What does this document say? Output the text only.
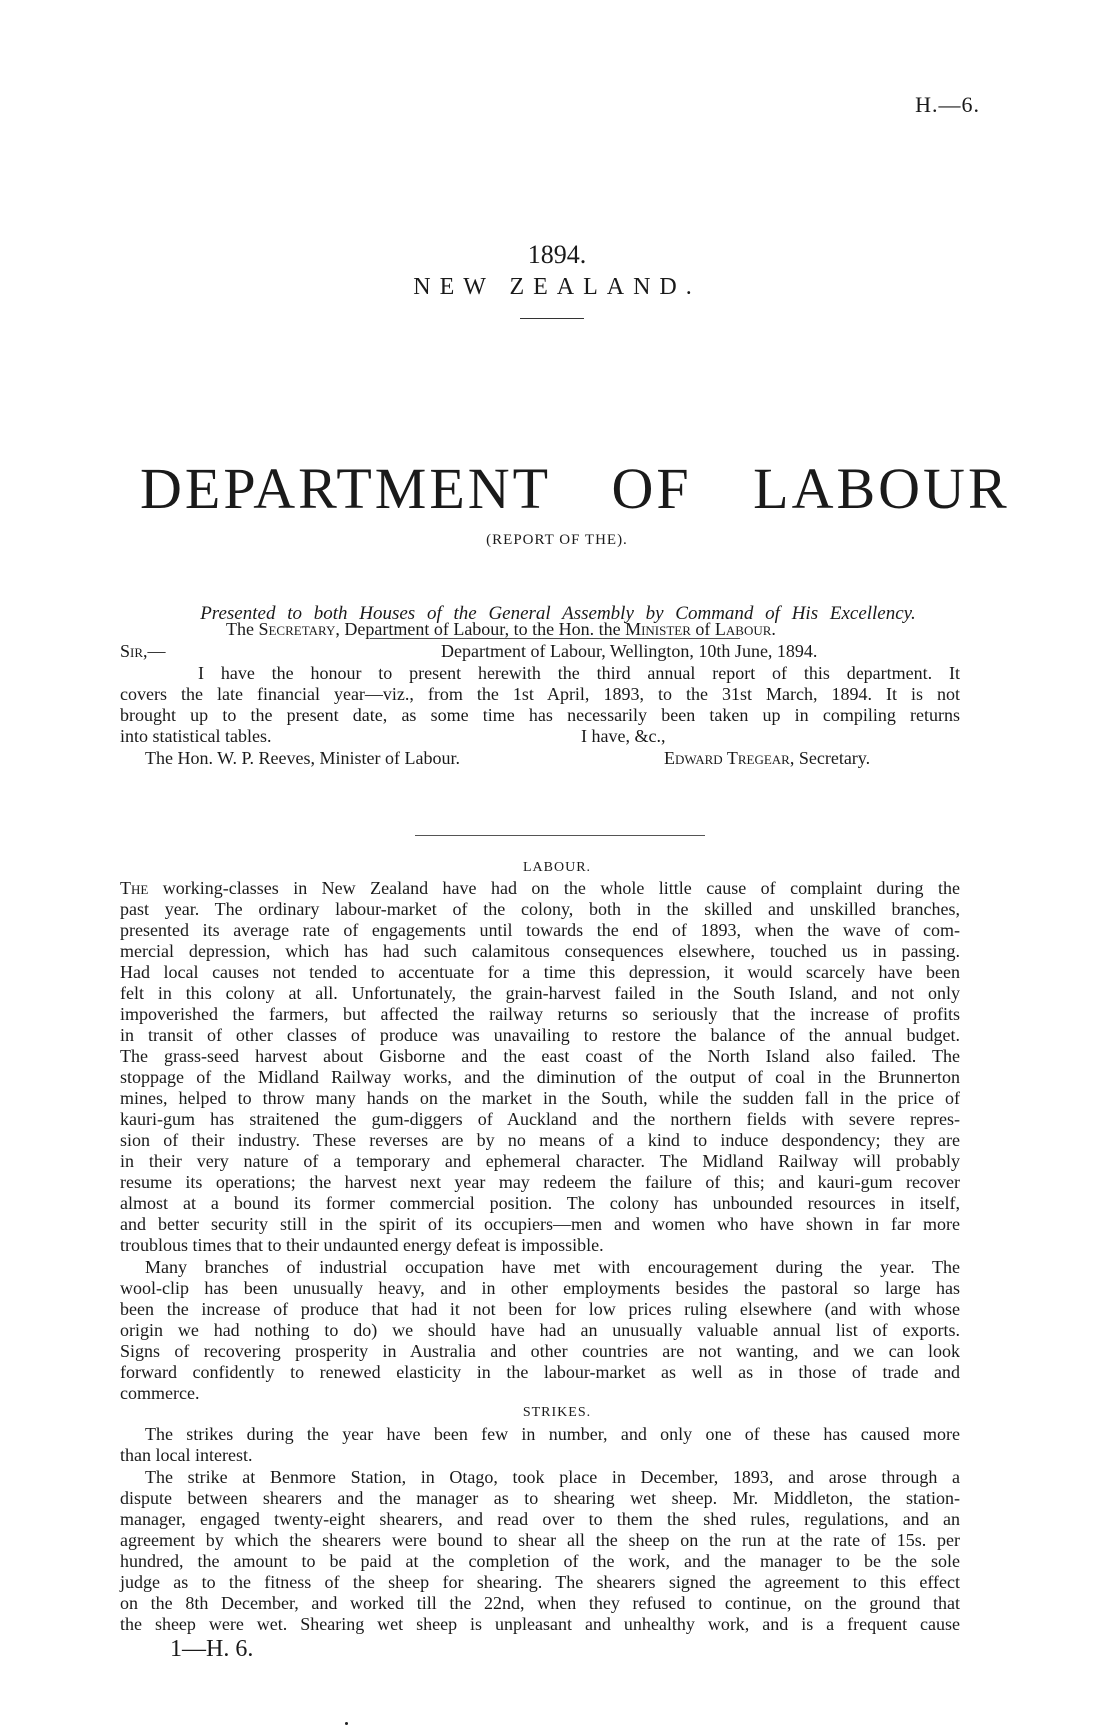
H.—6.
1894.
NEW ZEALAND.
DEPARTMENT OF LABOUR
(REPORT OF THE).
Presented to both Houses of the General Assembly by Command of His Excellency.
The Secretary, Department of Labour, to the Hon. the Minister of Labour.
Sir,—	Department of Labour, Wellington, 10th June, 1894.
I have the honour to present herewith the third annual report of this department. It
covers the late financial year—viz., from the 1st April, 1893, to the 31st March, 1894. It is not
brought up to the present date, as some time has necessarily been taken up in compiling returns
into statistical tables.	I have, &c.,
The Hon. W. P. Reeves, Minister of Labour.	Edward Tregear, Secretary.
LABOUR.
The working-classes in New Zealand have had on the whole little cause of complaint during the
past year. The ordinary labour-market of the colony, both in the skilled and unskilled branches,
presented its average rate of engagements until towards the end of 1893, when the wave of com-
mercial depression, which has had such calamitous consequences elsewhere, touched us in passing.
Had local causes not tended to accentuate for a time this depression, it would scarcely have been
felt in this colony at all. Unfortunately, the grain-harvest failed in the South Island, and not only
impoverished the farmers, but affected the railway returns so seriously that the increase of profits
in transit of other classes of produce was unavailing to restore the balance of the annual budget.
The grass-seed harvest about Gisborne and the east coast of the North Island also failed. The
stoppage of the Midland Railway works, and the diminution of the output of coal in the Brunnerton
mines, helped to throw many hands on the market in the South, while the sudden fall in the price of
kauri-gum has straitened the gum-diggers of Auckland and the northern fields with severe repres-
sion of their industry. These reverses are by no means of a kind to induce despondency; they are
in their very nature of a temporary and ephemeral character. The Midland Railway will probably
resume its operations; the harvest next year may redeem the failure of this; and kauri-gum recover
almost at a bound its former commercial position. The colony has unbounded resources in itself,
and better security still in the spirit of its occupiers—men and women who have shown in far more
troublous times that to their undaunted energy defeat is impossible.
Many branches of industrial occupation have met with encouragement during the year. The
wool-clip has been unusually heavy, and in other employments besides the pastoral so large has
been the increase of produce that had it not been for low prices ruling elsewhere (and with whose
origin we had nothing to do) we should have had an unusually valuable annual list of exports.
Signs of recovering prosperity in Australia and other countries are not wanting, and we can look
forward confidently to renewed elasticity in the labour-market as well as in those of trade and
commerce.
STRIKES.
The strikes during the year have been few in number, and only one of these has caused more
than local interest.
The strike at Benmore Station, in Otago, took place in December, 1893, and arose through a
dispute between shearers and the manager as to shearing wet sheep. Mr. Middleton, the station-
manager, engaged twenty-eight shearers, and read over to them the shed rules, regulations, and an
agreement by which the shearers were bound to shear all the sheep on the run at the rate of 15s. per
hundred, the amount to be paid at the completion of the work, and the manager to be the sole
judge as to the fitness of the sheep for shearing. The shearers signed the agreement to this effect
on the 8th December, and worked till the 22nd, when they refused to continue, on the ground that
the sheep were wet. Shearing wet sheep is unpleasant and unhealthy work, and is a frequent cause
1—H. 6.
